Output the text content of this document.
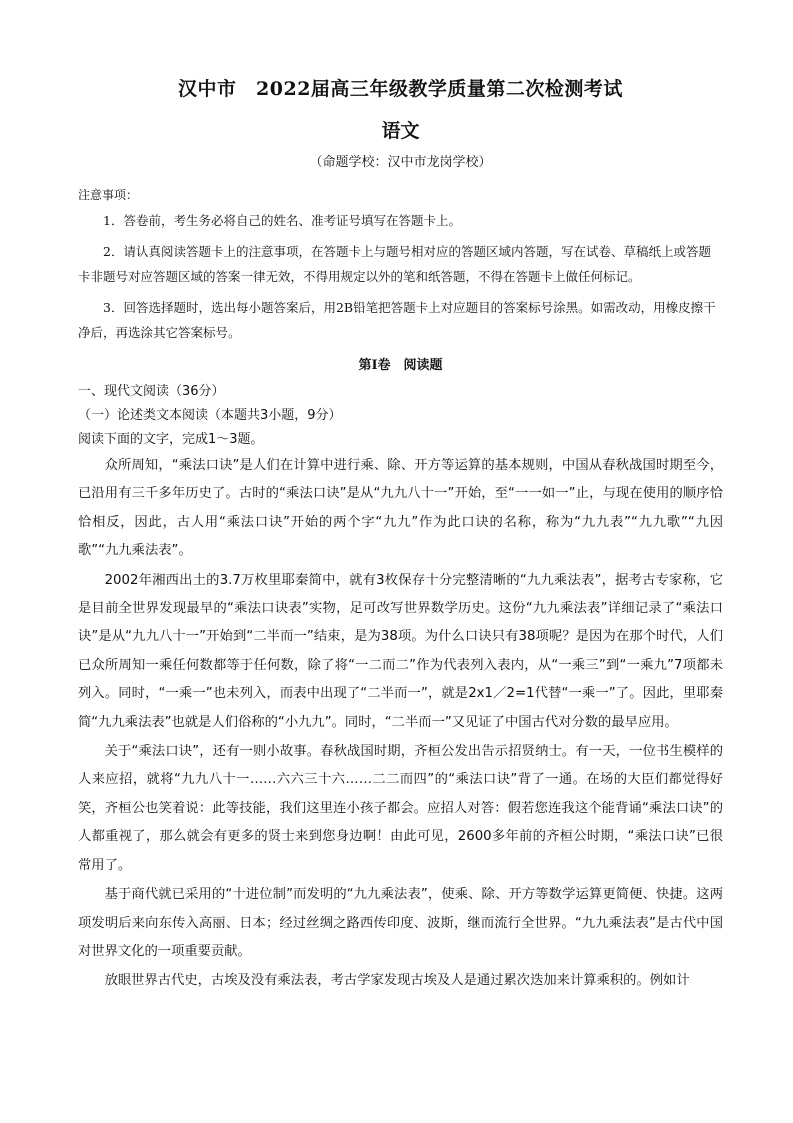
汉中市　2022届高三年级教学质量第二次检测考试
语文

（命题学校：汉中市龙岗学校）

注意事项：

1．答卷前，考生务必将自己的姓名、准考证号填写在答题卡上。

2．请认真阅读答题卡上的注意事项，在答题卡上与题号相对应的答题区域内答题，写在试卷、草稿纸上或答题卡非题号对应答题区域的答案一律无效，不得用规定以外的笔和纸答题，不得在答题卡上做任何标记。

3．回答选择题时，选出每小题答案后，用2B铅笔把答题卡上对应题目的答案标号涂黑。如需改动，用橡皮擦干净后，再选涂其它答案标号。

第Ⅰ卷　阅读题

一、现代文阅读（36分）

（一）论述类文本阅读（本题共3小题，9分）

阅读下面的文字，完成1～3题。

众所周知，“乘法口诀”是人们在计算中进行乘、除、开方等运算的基本规则，中国从春秋战国时期至今，已沿用有三千多年历史了。古时的“乘法口诀”是从“九九八十一”开始，至“一一如一”止，与现在使用的顺序恰恰相反，因此，古人用“乘法口诀”开始的两个字“九九”作为此口诀的名称，称为“九九表”“九九歌”“九因歌”“九九乘法表”。

2002年湘西出土的3.7万枚里耶秦简中，就有3枚保存十分完整清晰的“九九乘法表”，据考古专家称，它是目前全世界发现最早的“乘法口诀表”实物，足可改写世界数学历史。这份“九九乘法表”详细记录了“乘法口诀”是从“九九八十一”开始到“二半而一”结束，是为38项。为什么口诀只有38项呢？是因为在那个时代，人们已众所周知一乘任何数都等于任何数，除了将“一二而二”作为代表列入表内，从“一乘三”到“一乘九”7项都未列入。同时，“一乘一”也未列入，而表中出现了“二半而一”，就是2x1／2=1代替“一乘一”了。因此，里耶秦简“九九乘法表”也就是人们俗称的“小九九”。同时，“二半而一”又见证了中国古代对分数的最早应用。

关于“乘法口诀”，还有一则小故事。春秋战国时期，齐桓公发出告示招贤纳士。有一天，一位书生模样的人来应招，就将“九九八十一……六六三十六……二二而四”的“乘法口诀”背了一通。在场的大臣们都觉得好笑，齐桓公也笑着说：此等技能，我们这里连小孩子都会。应招人对答：假若您连我这个能背诵“乘法口诀”的人都重视了，那么就会有更多的贤士来到您身边啊！由此可见，2600多年前的齐桓公时期，“乘法口诀”已很常用了。

基于商代就已采用的“十进位制”而发明的“九九乘法表”，使乘、除、开方等数学运算更简便、快捷。这两项发明后来向东传入高丽、日本；经过丝绸之路西传印度、波斯，继而流行全世界。“九九乘法表”是古代中国对世界文化的一项重要贡献。

放眼世界古代史，古埃及没有乘法表，考古学家发现古埃及人是通过累次迭加来计算乘积的。例如计
